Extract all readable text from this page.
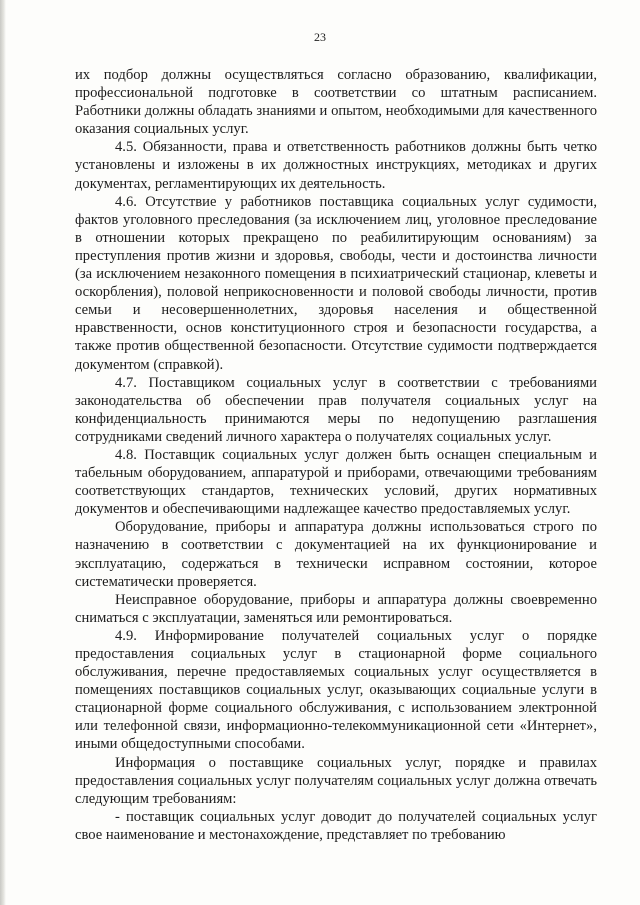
23

их подбор должны осуществляться согласно образованию, квалификации, профессиональной подготовке в соответствии со штатным расписанием. Работники должны обладать знаниями и опытом, необходимыми для качественного оказания социальных услуг.

4.5. Обязанности, права и ответственность работников должны быть четко установлены и изложены в их должностных инструкциях, методиках и других документах, регламентирующих их деятельность.

4.6. Отсутствие у работников поставщика социальных услуг судимости, фактов уголовного преследования (за исключением лиц, уголовное преследование в отношении которых прекращено по реабилитирующим основаниям) за преступления против жизни и здоровья, свободы, чести и достоинства личности (за исключением незаконного помещения в психиатрический стационар, клеветы и оскорбления), половой неприкосновенности и половой свободы личности, против семьи и несовершеннолетних, здоровья населения и общественной нравственности, основ конституционного строя и безопасности государства, а также против общественной безопасности. Отсутствие судимости подтверждается документом (справкой).

4.7. Поставщиком социальных услуг в соответствии с требованиями законодательства об обеспечении прав получателя социальных услуг на конфиденциальность принимаются меры по недопущению разглашения сотрудниками сведений личного характера о получателях социальных услуг.

4.8. Поставщик социальных услуг должен быть оснащен специальным и табельным оборудованием, аппаратурой и приборами, отвечающими требованиям соответствующих стандартов, технических условий, других нормативных документов и обеспечивающими надлежащее качество предоставляемых услуг.

Оборудование, приборы и аппаратура должны использоваться строго по назначению в соответствии с документацией на их функционирование и эксплуатацию, содержаться в технически исправном состоянии, которое систематически проверяется.

Неисправное оборудование, приборы и аппаратура должны своевременно сниматься с эксплуатации, заменяться или ремонтироваться.

4.9. Информирование получателей социальных услуг о порядке предоставления социальных услуг в стационарной форме социального обслуживания, перечне предоставляемых социальных услуг осуществляется в помещениях поставщиков социальных услуг, оказывающих социальные услуги в стационарной форме социального обслуживания, с использованием электронной или телефонной связи, информационно-телекоммуникационной сети «Интернет», иными общедоступными способами.

Информация о поставщике социальных услуг, порядке и правилах предоставления социальных услуг получателям социальных услуг должна отвечать следующим требованиям:

- поставщик социальных услуг доводит до получателей социальных услуг свое наименование и местонахождение, представляет по требованию
